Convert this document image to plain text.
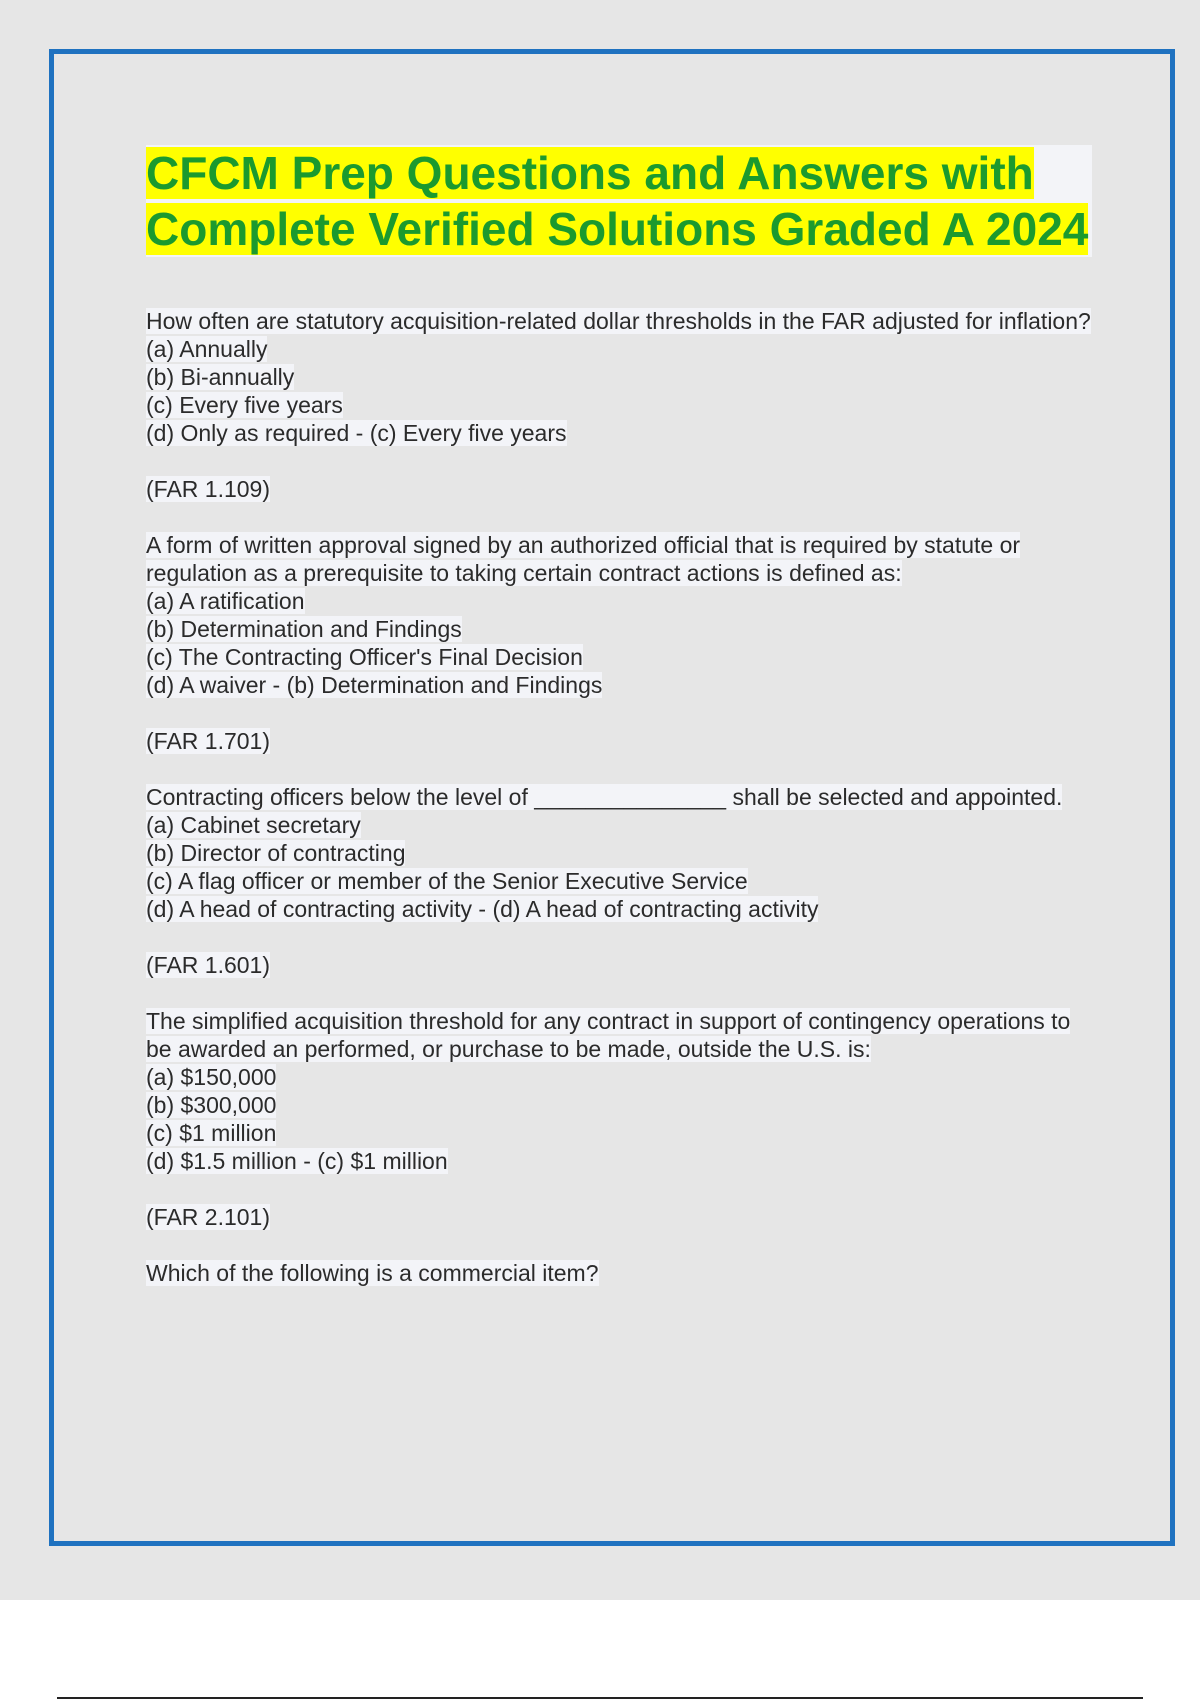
CFCM Prep Questions and Answers with Complete Verified Solutions Graded A 2024
How often are statutory acquisition-related dollar thresholds in the FAR adjusted for inflation?
(a) Annually
(b) Bi-annually
(c) Every five years
(d) Only as required - (c) Every five years
(FAR 1.109)
A form of written approval signed by an authorized official that is required by statute or regulation as a prerequisite to taking certain contract actions is defined as:
(a) A ratification
(b) Determination and Findings
(c) The Contracting Officer's Final Decision
(d) A waiver - (b) Determination and Findings
(FAR 1.701)
Contracting officers below the level of _______________ shall be selected and appointed.
(a) Cabinet secretary
(b) Director of contracting
(c) A flag officer or member of the Senior Executive Service
(d) A head of contracting activity - (d) A head of contracting activity
(FAR 1.601)
The simplified acquisition threshold for any contract in support of contingency operations to be awarded an performed, or purchase to be made, outside the U.S. is:
(a) $150,000
(b) $300,000
(c) $1 million
(d) $1.5 million - (c) $1 million
(FAR 2.101)
Which of the following is a commercial item?
